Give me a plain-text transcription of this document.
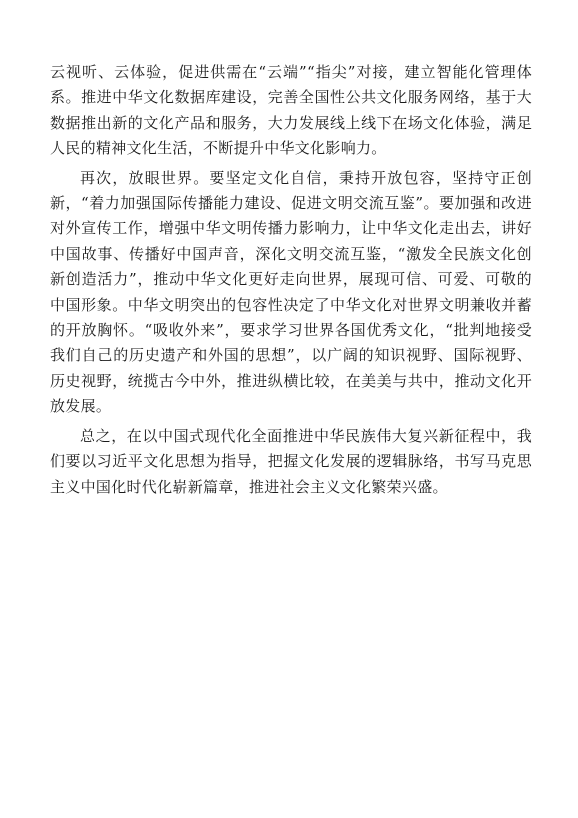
云视听、云体验，促进供需在“云端”“指尖”对接，建立智能化管理体系。推进中华文化数据库建设，完善全国性公共文化服务网络，基于大数据推出新的文化产品和服务，大力发展线上线下在场文化体验，满足人民的精神文化生活，不断提升中华文化影响力。

再次，放眼世界。要坚定文化自信，秉持开放包容，坚持守正创新，“着力加强国际传播能力建设、促进文明交流互鉴”。要加强和改进对外宣传工作，增强中华文明传播力影响力，让中华文化走出去，讲好中国故事、传播好中国声音，深化文明交流互鉴，“激发全民族文化创新创造活力”，推动中华文化更好走向世界，展现可信、可爱、可敬的中国形象。中华文明突出的包容性决定了中华文化对世界文明兼收并蓄的开放胸怀。“吸收外来”，要求学习世界各国优秀文化，“批判地接受我们自己的历史遗产和外国的思想”，以广阔的知识视野、国际视野、历史视野，统揽古今中外，推进纵横比较，在美美与共中，推动文化开放发展。

总之，在以中国式现代化全面推进中华民族伟大复兴新征程中，我们要以习近平文化思想为指导，把握文化发展的逻辑脉络，书写马克思主义中国化时代化崭新篇章，推进社会主义文化繁荣兴盛。
